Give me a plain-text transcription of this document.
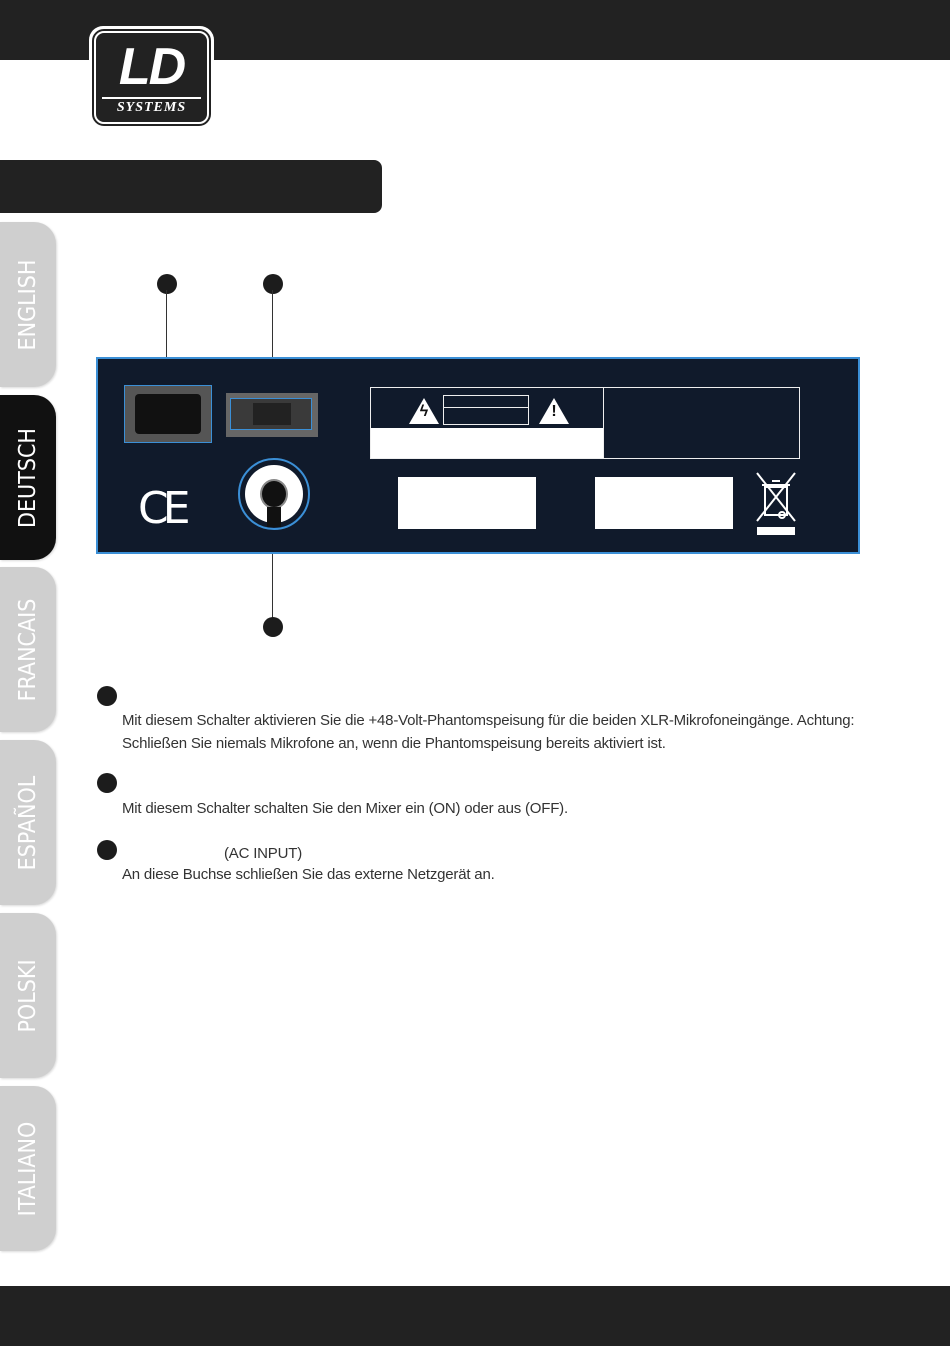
LD
SYSTEMS
ENGLISH
DEUTSCH
FRANCAIS
ESPAÑOL
POLSKI
ITALIANO
CE
ϟ	!
Mit diesem Schalter aktivieren Sie die +48-Volt-Phantomspeisung für die beiden XLR-Mikrofoneingänge. Achtung:
Schließen Sie niemals Mikrofone an, wenn die Phantomspeisung bereits aktiviert ist.
Mit diesem Schalter schalten Sie den Mixer ein (ON) oder aus (OFF).
(AC INPUT)
An diese Buchse schließen Sie das externe Netzgerät an.
